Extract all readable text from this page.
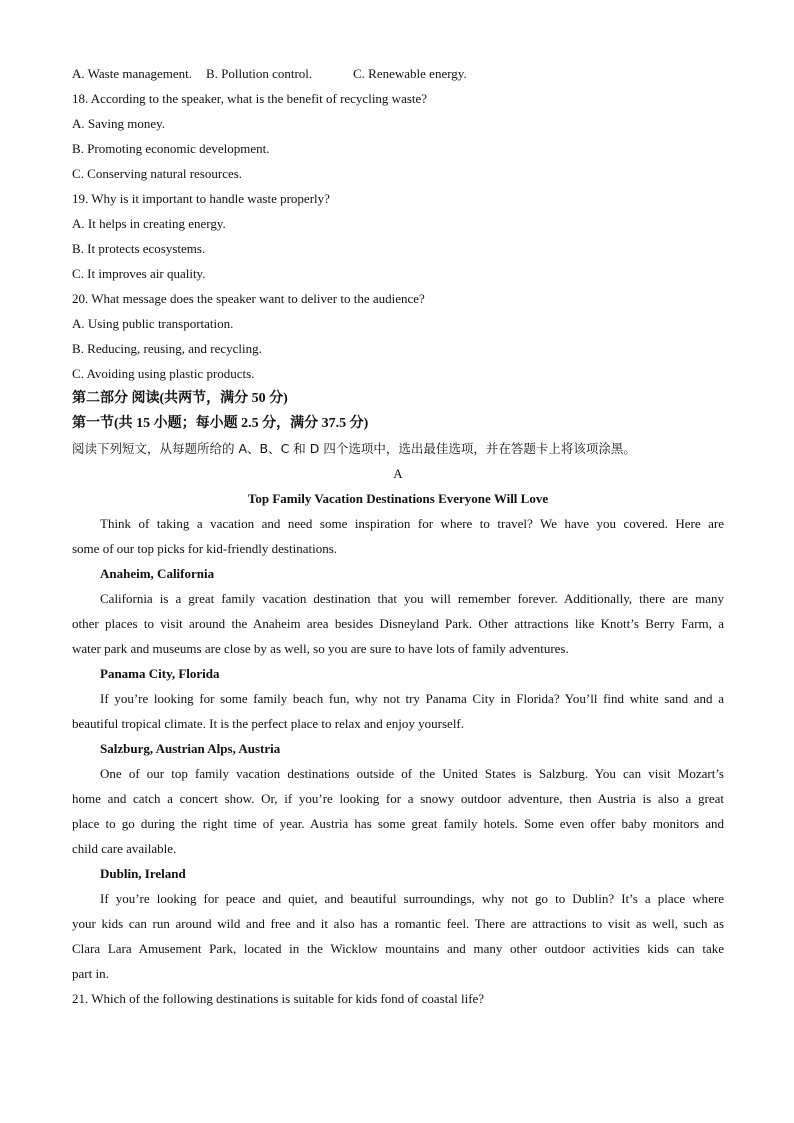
A. Waste management. B. Pollution control.	C. Renewable energy.
18. According to the speaker, what is the benefit of recycling waste?
A. Saving money.
B. Promoting economic development.
C. Conserving natural resources.
19. Why is it important to handle waste properly?
A. It helps in creating energy.
B. It protects ecosystems.
C. It improves air quality.
20. What message does the speaker want to deliver to the audience?
A. Using public transportation.
B. Reducing, reusing, and recycling.
C. Avoiding using plastic products.
第二部分 阅读(共两节，满分 50 分)
第一节(共 15 小题；每小题 2.5 分，满分 37.5 分)
阅读下列短文，从每题所给的 A、B、C 和 D 四个选项中，选出最佳选项，并在答题卡上将该项涂黑。
A
Top Family Vacation Destinations Everyone Will Love
Think of taking a vacation and need some inspiration for where to travel? We have you covered. Here are
some of our top picks for kid-friendly destinations.
Anaheim, California
California is a great family vacation destination that you will remember forever. Additionally, there are many
other places to visit around the Anaheim area besides Disneyland Park. Other attractions like Knott’s Berry Farm, a
water park and museums are close by as well, so you are sure to have lots of family adventures.
Panama City, Florida
If you’re looking for some family beach fun, why not try Panama City in Florida? You’ll find white sand and a
beautiful tropical climate. It is the perfect place to relax and enjoy yourself.
Salzburg, Austrian Alps, Austria
One of our top family vacation destinations outside of the United States is Salzburg. You can visit Mozart’s
home and catch a concert show. Or, if you’re looking for a snowy outdoor adventure, then Austria is also a great
place to go during the right time of year. Austria has some great family hotels. Some even offer baby monitors and
child care available.
Dublin, Ireland
If you’re looking for peace and quiet, and beautiful surroundings, why not go to Dublin? It’s a place where
your kids can run around wild and free and it also has a romantic feel. There are attractions to visit as well, such as
Clara Lara Amusement Park, located in the Wicklow mountains and many other outdoor activities kids can take
part in.
21. Which of the following destinations is suitable for kids fond of coastal life?
